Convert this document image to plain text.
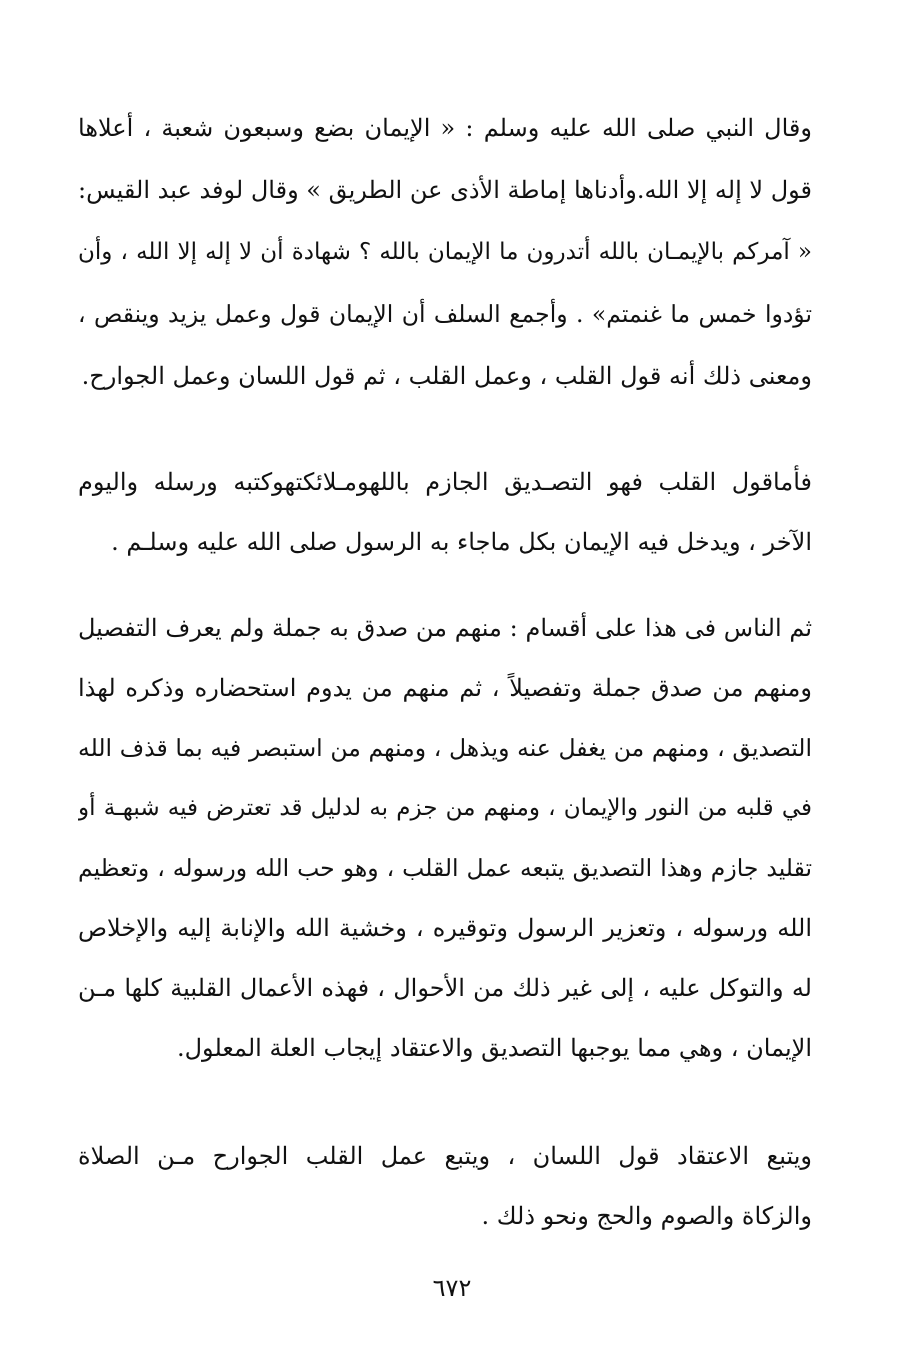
وقال النبي صلى الله عليه وسلم : « الإيمان بضع وسبعون شعبة ، أعلاها
قول لا إله إلا الله.وأدناها إماطة الأذى عن الطريق » وقال لوفد عبد القيس:
« آمركم بالإيمـان بالله أتدرون ما الإيمان بالله ؟ شهادة أن لا إله إلا الله ، وأن
تؤدوا خمس ما غنمتم» . وأجمع السلف أن الإيمان قول وعمل يزيد وينقص ،
ومعنى ذلك أنه قول القلب ، وعمل القلب ، ثم قول اللسان وعمل الجوارح.
فأماقول القلب فهو التصـديق الجازم باللهومـلائكتهوكتبه ورسله واليوم
الآخر ، ويدخل فيه الإيمان بكل ماجاء به الرسول صلى الله عليه وسلـم .
ثم الناس فى هذا على أقسام : منهم من صدق به جملة ولم يعرف التفصيل
ومنهم من صدق جملة وتفصيلاً ، ثم منهم من يدوم استحضاره وذكره لهذا
التصديق ، ومنهم من يغفل عنه ويذهل ، ومنهم من استبصر فيه بما قذف الله
في قلبه من النور والإيمان ، ومنهم من جزم به لدليل قد تعترض فيه شبهـة أو
تقليد جازم وهذا التصديق يتبعه عمل القلب ، وهو حب الله ورسوله ، وتعظيم
الله ورسوله ، وتعزير الرسول وتوقيره ، وخشية الله والإنابة إليه والإخلاص
له والتوكل عليه ، إلى غير ذلك من الأحوال ، فهذه الأعمال القلبية كلها مـن
الإيمان ، وهي مما يوجبها التصديق والاعتقاد إيجاب العلة المعلول.
ويتبع الاعتقاد قول اللسان ، ويتبع عمل القلب الجوارح مـن الصلاة
والزكاة والصوم والحج ونحو ذلك .
٦٧٢
